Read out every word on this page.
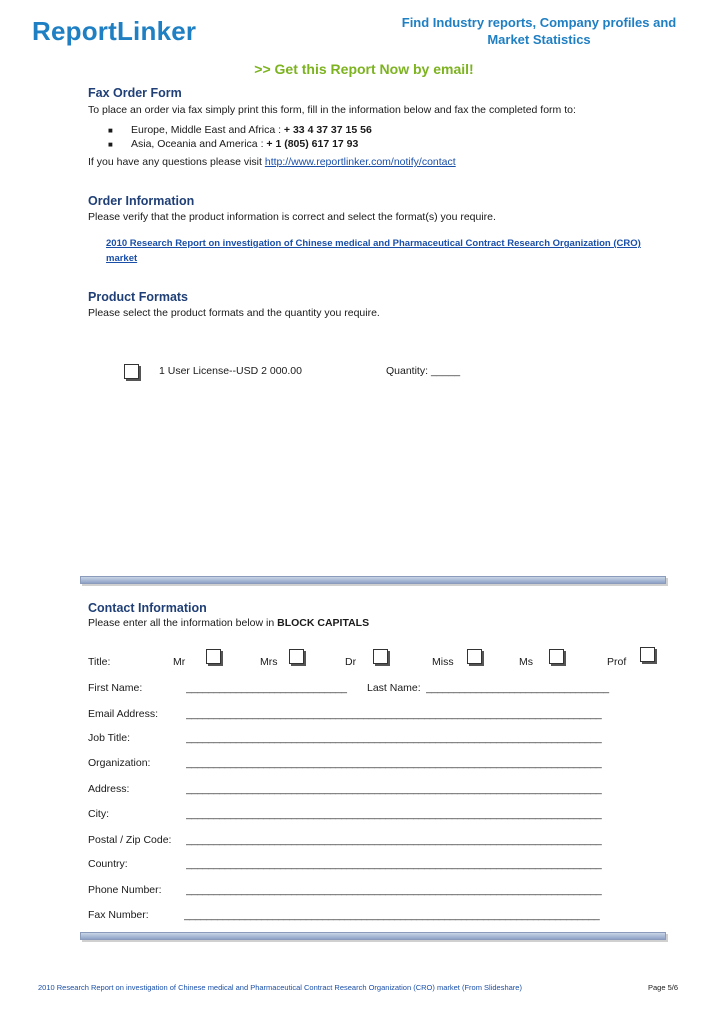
ReportLinker	Find Industry reports, Company profiles and Market Statistics
>> Get this Report Now by email!
Fax Order Form
To place an order via fax simply print this form, fill in the information below and fax the completed form to:
■ Europe, Middle East and Africa : + 33 4 37 37 15 56
■ Asia, Oceania and America : + 1 (805) 617 17 93
If you have any questions please visit http://www.reportlinker.com/notify/contact
Order Information
Please verify that the product information is correct and select the format(s) you require.
2010 Research Report on investigation of Chinese medical and Pharmaceutical Contract Research Organization (CRO) market
Product Formats
Please select the product formats and the quantity you require.
1 User License--USD 2 000.00	Quantity: _____
Contact Information
Please enter all the information below in BLOCK CAPITALS
Title:	Mr	Mrs	Dr	Miss	Ms	Prof
First Name:	_____________________________	Last Name: _________________________________
Email Address:	___________________________________________________________________________
Job Title:	___________________________________________________________________________
Organization:	___________________________________________________________________________
Address:	___________________________________________________________________________
City:	___________________________________________________________________________
Postal / Zip Code: ___________________________________________________________________________
Country:	___________________________________________________________________________
Phone Number: ___________________________________________________________________________
Fax Number:	___________________________________________________________________________
2010 Research Report on investigation of Chinese medical and Pharmaceutical Contract Research Organization (CRO) market (From Slideshare)	Page 5/6
